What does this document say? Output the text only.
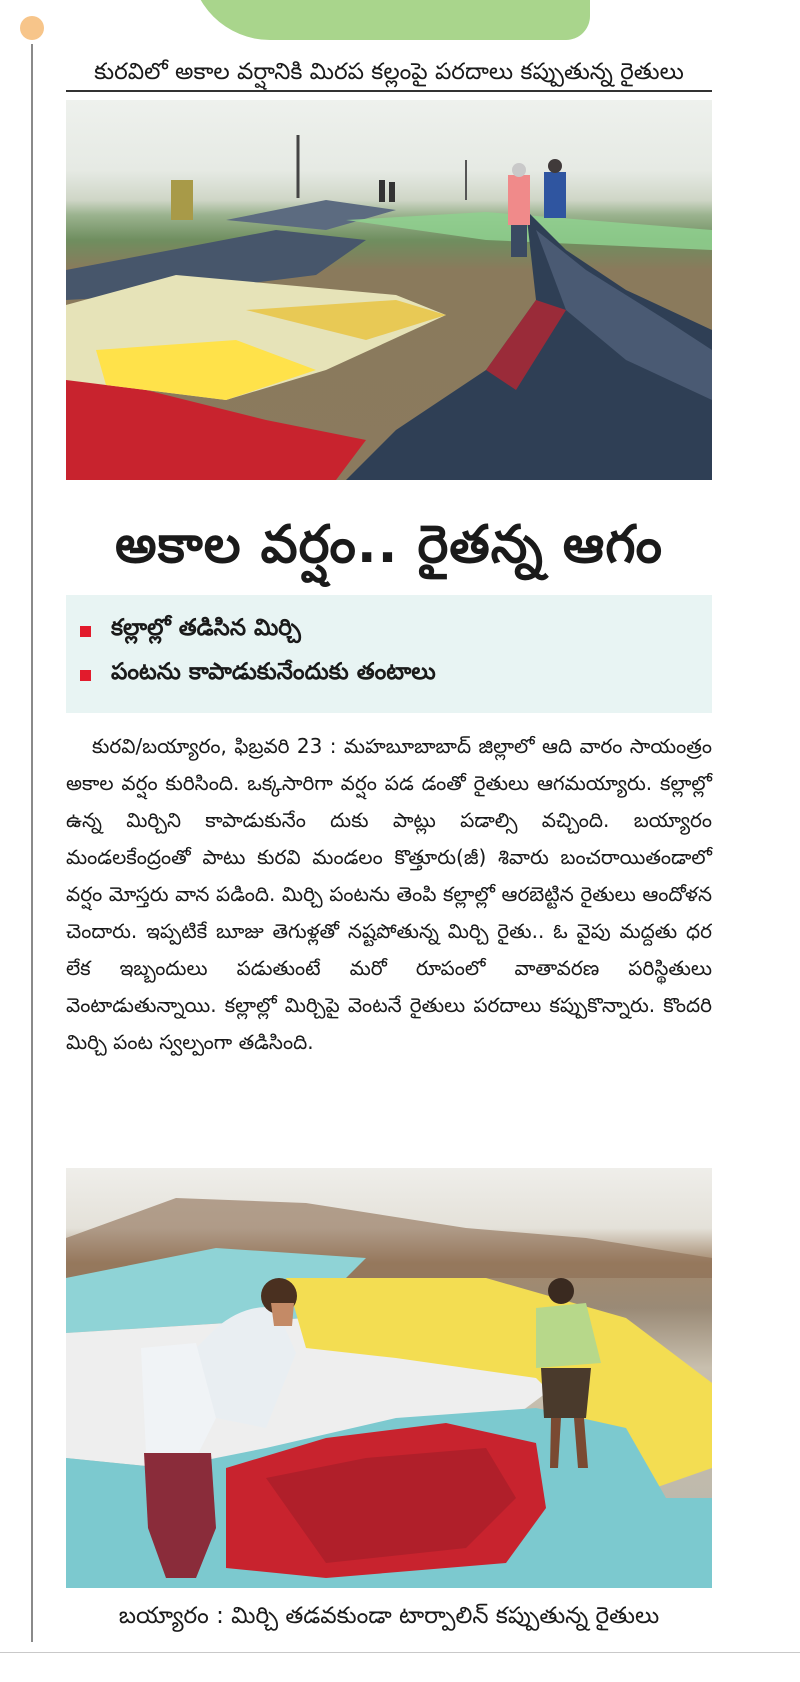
కురవిలో అకాల వర్షానికి మిరప కల్లంపై పరదాలు కప్పుతున్న రైతులు
అకాల వర్షం.. రైతన్న ఆగం
కల్లాల్లో తడిసిన మిర్చి
పంటను కాపాడుకునేందుకు తంటాలు

కురవి/బయ్యారం, ఫిబ్రవరి 23 : మహబూబాబాద్ జిల్లాలో ఆది వారం సాయంత్రం అకాల వర్షం కురిసింది. ఒక్కసారిగా వర్షం పడ డంతో రైతులు ఆగమయ్యారు. కల్లాల్లో ఉన్న మిర్చిని కాపాడుకునేం దుకు పాట్లు పడాల్సి వచ్చింది. బయ్యారం మండలకేంద్రంతో పాటు కురవి మండలం కొత్తూరు(జీ) శివారు బంచరాయితండాలో వర్షం మోస్తరు వాన పడింది. మిర్చి పంటను తెంపి కల్లాల్లో ఆరబెట్టిన రైతులు ఆందోళన చెందారు. ఇప్పటికే బూజు తెగుళ్లతో నష్టపోతున్న మిర్చి రైతు.. ఓ వైపు మద్దతు ధర లేక ఇబ్బందులు పడుతుంటే మరో రూపంలో వాతావరణ పరిస్థితులు వెంటాడుతున్నాయి. కల్లాల్లో మిర్చిపై వెంటనే రైతులు పరదాలు కప్పుకొన్నారు. కొందరి మిర్చి పంట స్వల్పంగా తడిసింది.

బయ్యారం : మిర్చి తడవకుండా టార్పాలిన్ కప్పుతున్న రైతులు
